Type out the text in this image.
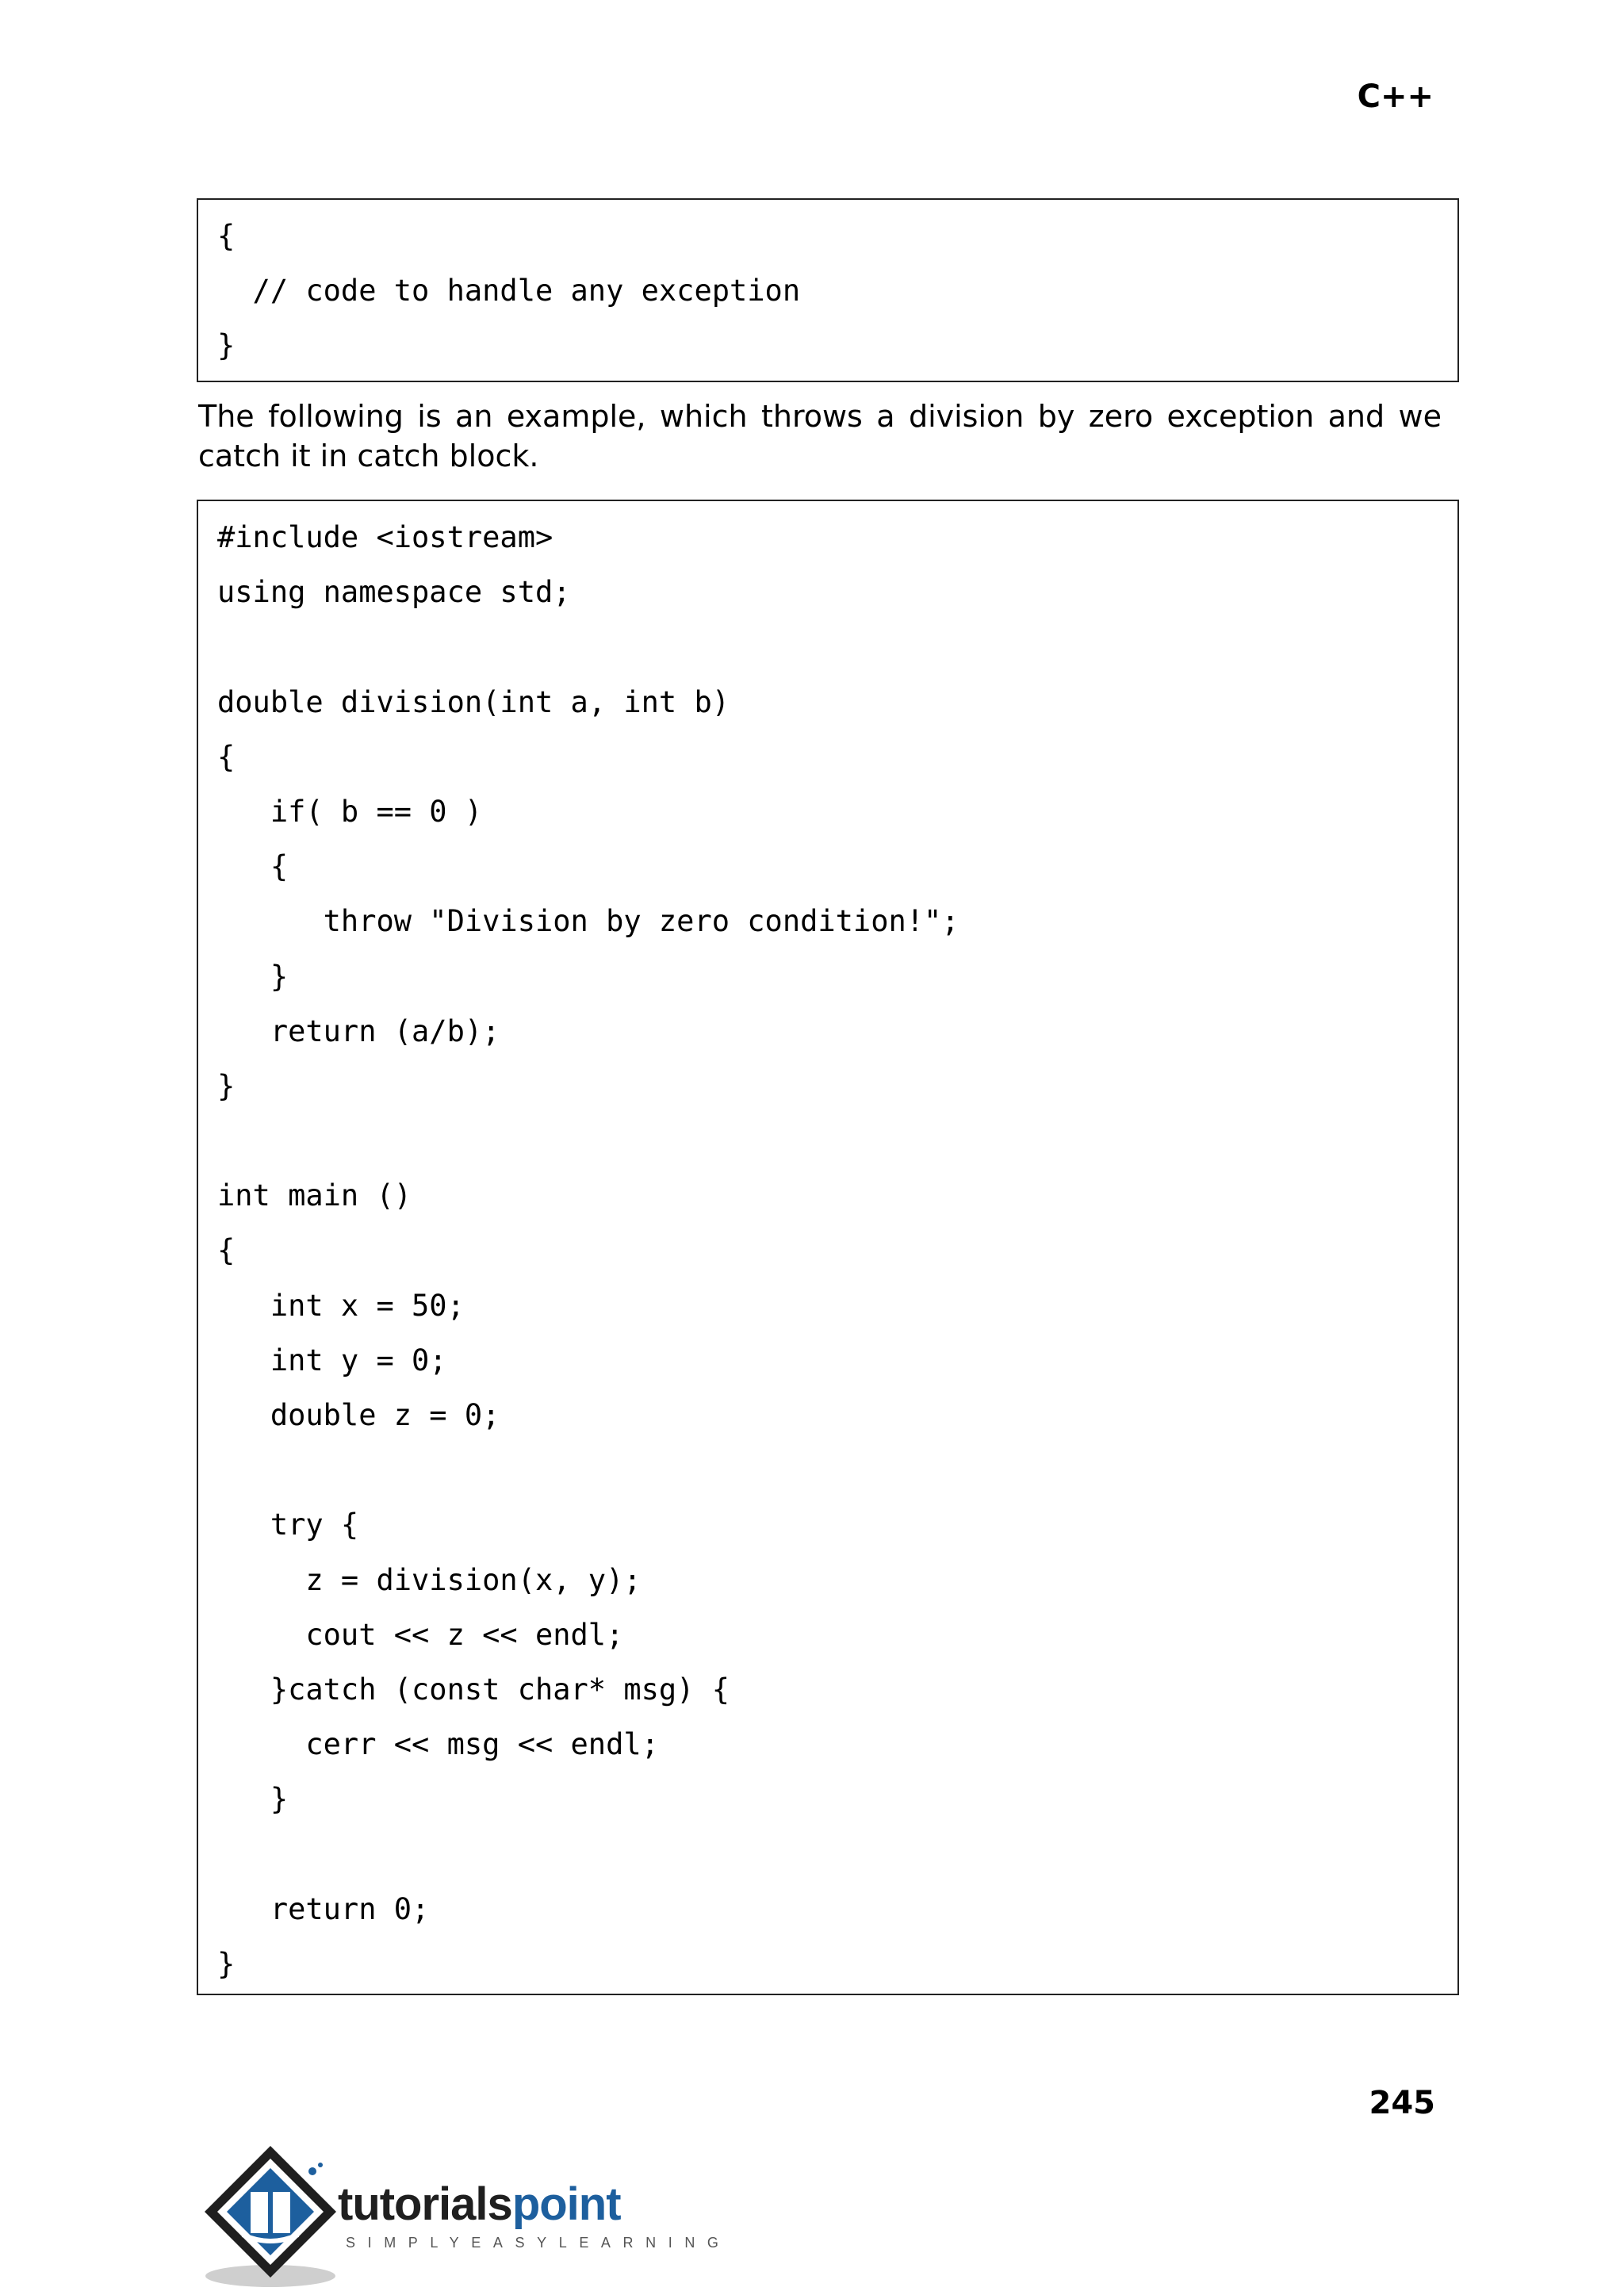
C++
{
// code to handle any exception
}

The following is an example, which throws a division by zero exception and we catch it in catch block.

#include <iostream>
using namespace std;
double division(int a, int b)
{
if( b == 0 )
{
throw "Division by zero condition!";
}
return (a/b);
}
int main ()
{
int x = 50;
int y = 0;
double z = 0;
try {
z = division(x, y);
cout << z << endl;
}catch (const char* msg) {
cerr << msg << endl;
}
return 0;
}
245
tutorialspoint
SIMPLYEASYLEARNING
